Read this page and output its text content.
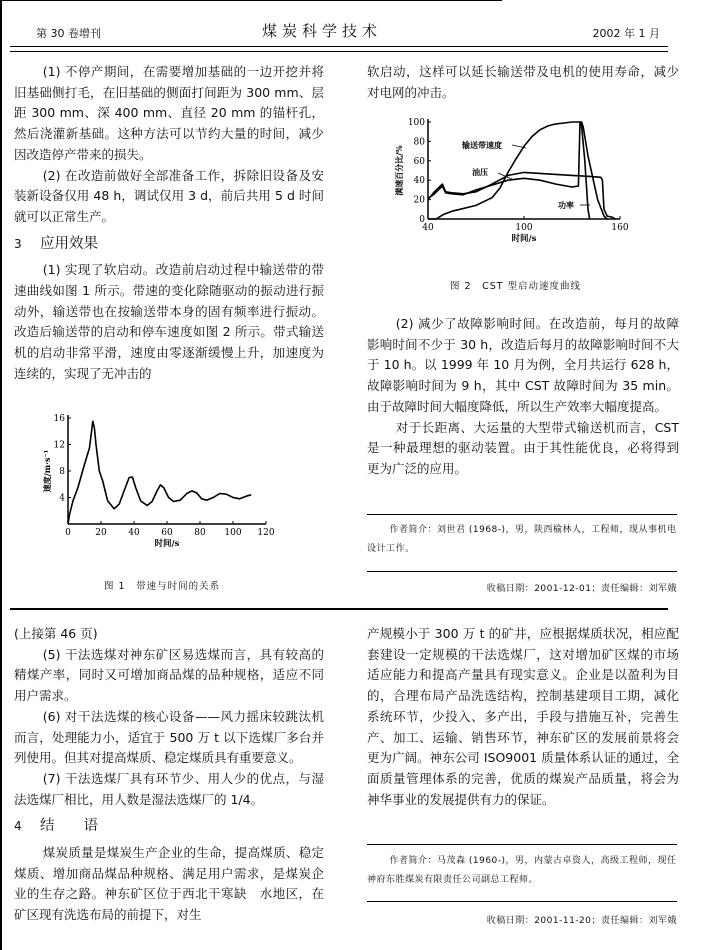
第 30 卷增刊	煤炭科学技术	2002 年 1 月

(1) 不停产期间，在需要增加基础的一边开挖并将旧基础侧打毛，在旧基础的侧面打间距为 300 mm、层距 300 mm、深 400 mm、直径 20 mm 的锚杆孔，然后浇灌新基础。这种方法可以节约大量的时间，减少因改造停产带来的损失。

(2) 在改造前做好全部准备工作，拆除旧设备及安装新设备仅用 48 h，调试仅用 3 d，前后共用 5 d 时间就可以正常生产。

3 应用效果

(1) 实现了软启动。改造前启动过程中输送带的带速曲线如图 1 所示。带速的变化除随驱动的振动进行振动外，输送带也在按输送带本身的固有频率进行振动。改造后输送带的启动和停车速度如图 2 所示。带式输送机的启动非常平滑，速度由零逐渐缓慢上升，加速度为连续的，实现了无冲击的

0	20 40 60 80 100 120
4
8
12
16
时间/s
速度/m·s⁻¹
图 1　带速与时间的关系

软启动，这样可以延长输送带及电机的使用寿命，减少对电网的冲击。

40	100	160
0
20
40
60
80
100
时间/s
满速百分比/%
输送带速度
油压
功率
图 2　CST 型启动速度曲线

(2) 减少了故障影响时间。在改造前，每月的故障影响时间不少于 30 h，改造后每月的故障影响时间不大于 10 h。以 1999 年 10 月为例，全月共运行 628 h，故障影响时间为 9 h，其中 CST 故障时间为 35 min。由于故障时间大幅度降低，所以生产效率大幅度提高。

对于长距离、大运量的大型带式输送机而言，CST 是一种最理想的驱动装置。由于其性能优良，必将得到更为广泛的应用。

作者简介：刘世君 (1968-)，男，陕西榆林人，工程师，现从事机电设计工作。
收稿日期：2001-12-01；责任编辑：刘军娥

(上接第 46 页)

(5) 干法选煤对神东矿区易选煤而言，具有较高的精煤产率，同时又可增加商品煤的品种规格，适应不同用户需求。

(6) 对干法选煤的核心设备——风力摇床较跳汰机而言，处理能力小，适宜于 500 万 t 以下选煤厂多台并列使用。但其对提高煤质、稳定煤质具有重要意义。

(7) 干法选煤厂具有环节少、用人少的优点，与湿法选煤厂相比，用人数是湿法选煤厂的 1/4。

4 结　　语

煤炭质量是煤炭生产企业的生命，提高煤质、稳定煤质、增加商品煤品种规格、满足用户需求，是煤炭企业的生存之路。神东矿区位于西北干寒缺　水地区，在矿区现有洗选布局的前提下，对生

产规模小于 300 万 t 的矿井，应根据煤质状况，相应配套建设一定规模的干法选煤厂，这对增加矿区煤的市场适应能力和提高产量具有现实意义。企业是以盈利为目的，合理布局产品洗选结构，控制基建项目工期，减化系统环节，少投入、多产出，手段与措施互补，完善生产、加工、运输、销售环节，神东矿区的发展前景将会更为广阔。神东公司 ISO9001 质量体系认证的通过，全面质量管理体系的完善，优质的煤炭产品质量，将会为神华事业的发展提供有力的保证。

作者简介：马茂森 (1960-)，男，内蒙古卓资人，高级工程师，现任神府东胜煤炭有限责任公司副总工程师。
收稿日期：2001-11-20；责任编辑：刘军娥
